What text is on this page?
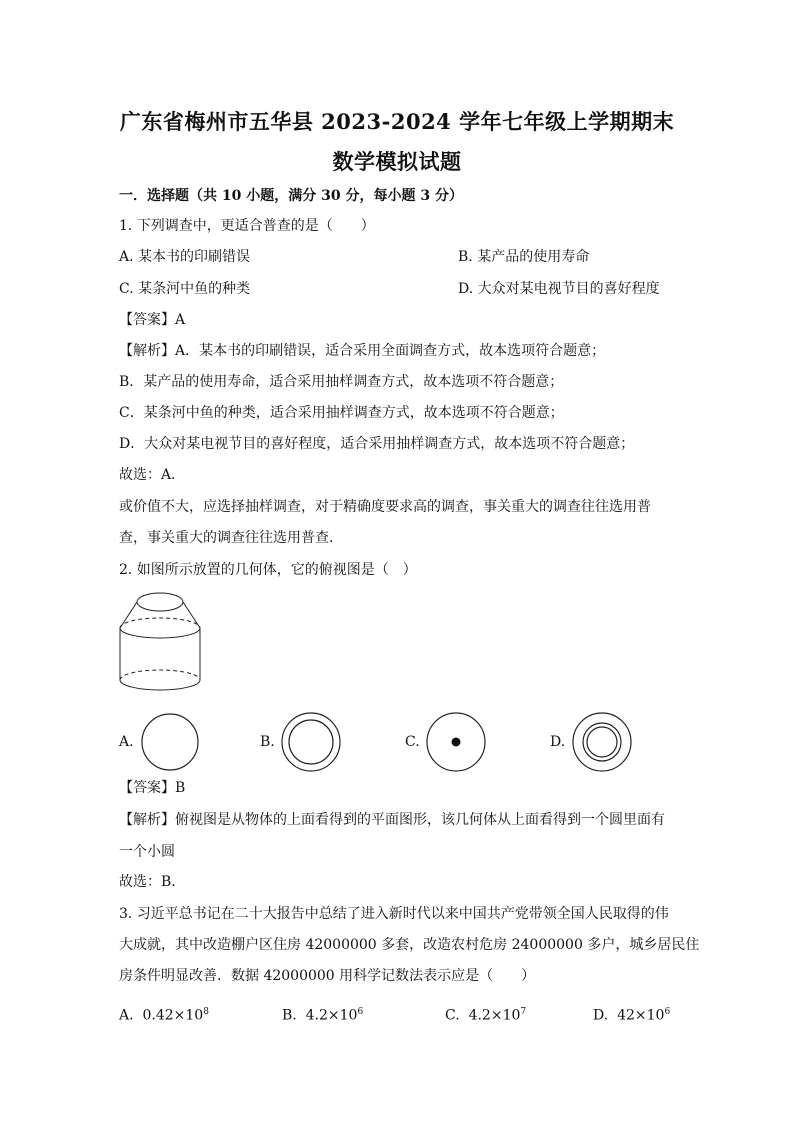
广东省梅州市五华县 2023-2024 学年七年级上学期期末
数学模拟试题
一．选择题（共 10 小题，满分 30 分，每小题 3 分）
1. 下列调查中，更适合普查的是（　　）
A. 某本书的印刷错误	B. 某产品的使用寿命
C. 某条河中鱼的种类	D. 大众对某电视节目的喜好程度
【答案】A
【解析】A．某本书的印刷错误，适合采用全面调查方式，故本选项符合题意；
B．某产品的使用寿命，适合采用抽样调查方式，故本选项不符合题意；
C．某条河中鱼的种类，适合采用抽样调查方式，故本选项不符合题意；
D．大众对某电视节目的喜好程度，适合采用抽样调查方式，故本选项不符合题意；
故选：A．
或价值不大，应选择抽样调查，对于精确度要求高的调查，事关重大的调查往往选用普
查，事关重大的调查往往选用普查．
2. 如图所示放置的几何体，它的俯视图是（　）
A.	B.	C.	D.
【答案】B
【解析】俯视图是从物体的上面看得到的平面图形，该几何体从上面看得到一个圆里面有
一个小圆
故选：B．
3. 习近平总书记在二十大报告中总结了进入新时代以来中国共产党带领全国人民取得的伟
大成就，其中改造棚户区住房 42000000 多套，改造农村危房 24000000 多户，城乡居民住
房条件明显改善．数据 42000000 用科学记数法表示应是（　　）
A. $0.42\times 10^8$	B. $4.2\times 10^6$	C. $4.2\times 10^7$	D. $42\times 10^6$
